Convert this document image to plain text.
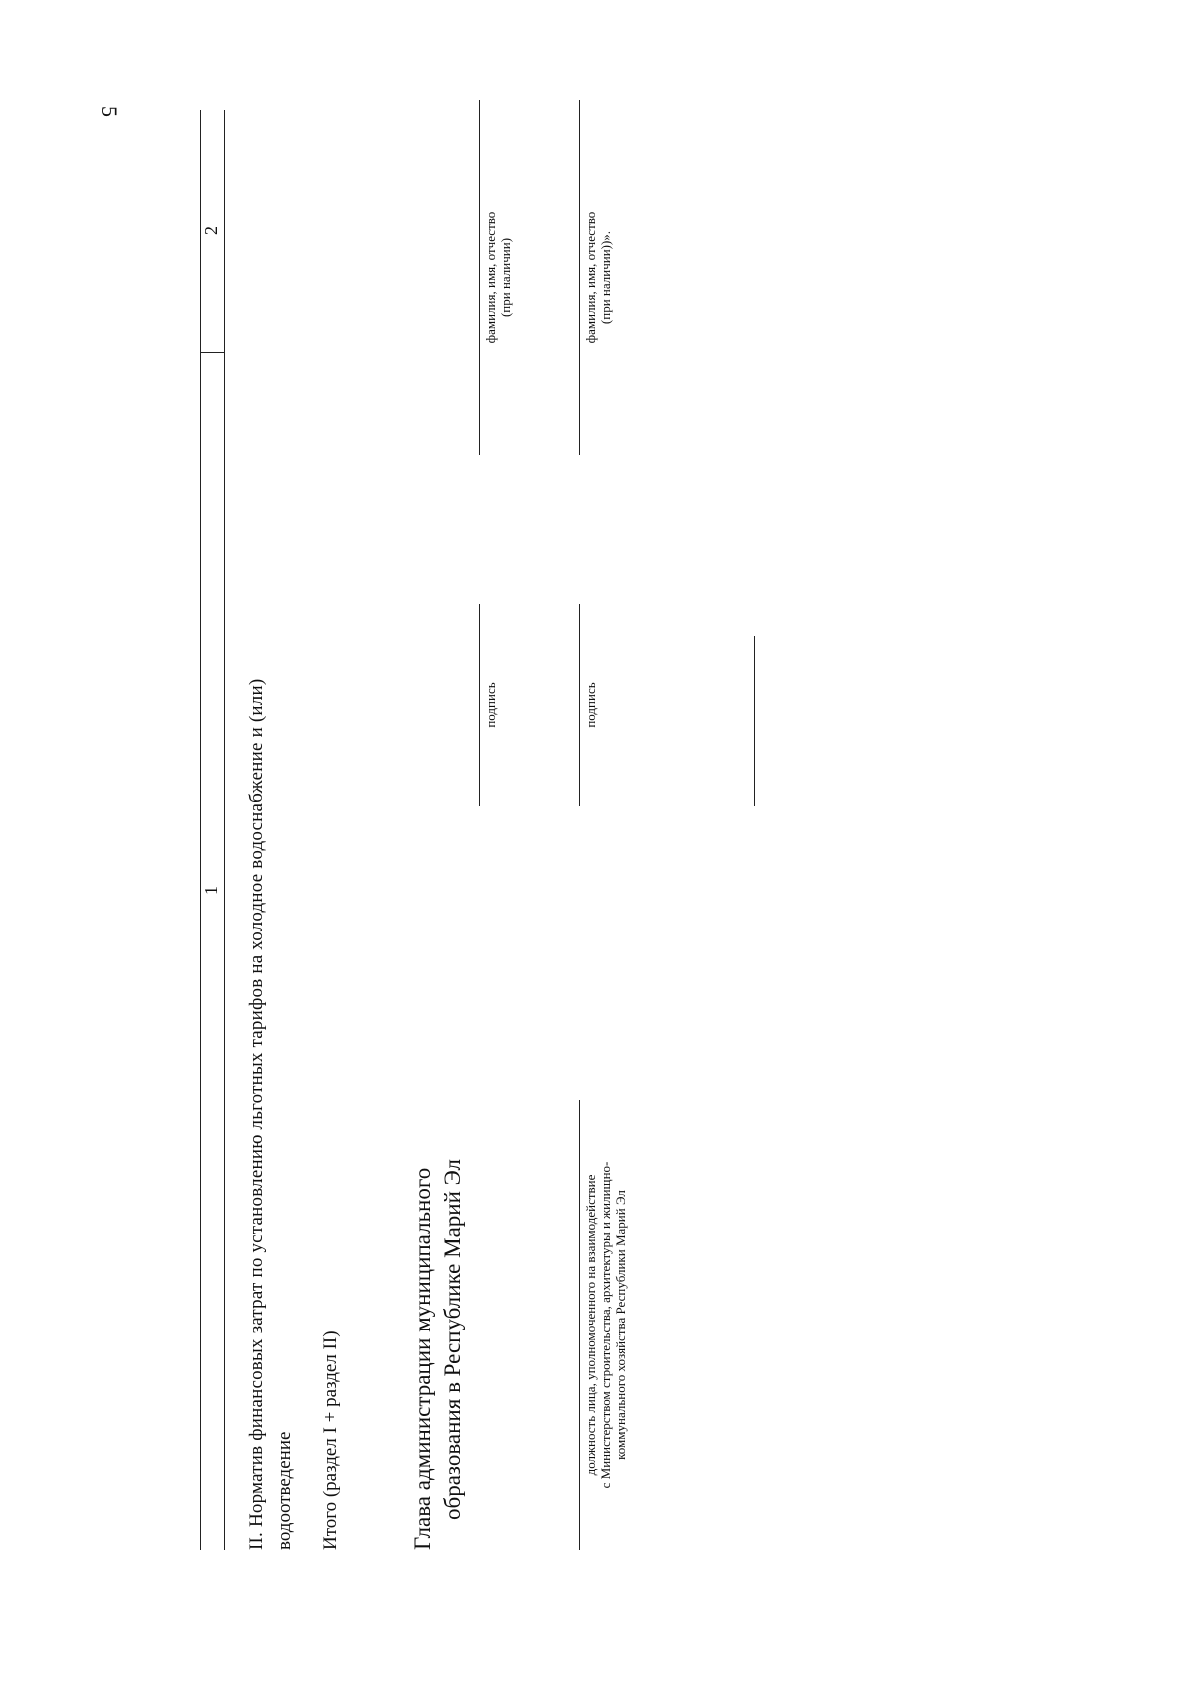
5
1
2
II. Норматив финансовых затрат по установлению льготных тарифов на холодное водоснабжение и (или) водоотведение Итого (раздел I + раздел II)	Глава администрации муниципального образования в Республике Марий Эл
подпись
фамилия, имя, отчество (при наличии)
должность лица, уполномоченного на взаимодействие с Министерством строительства, архитектуры и жилищно- коммунального хозяйства Республики Марий Эл
подпись
фамилия, имя, отчество (при наличии))».
